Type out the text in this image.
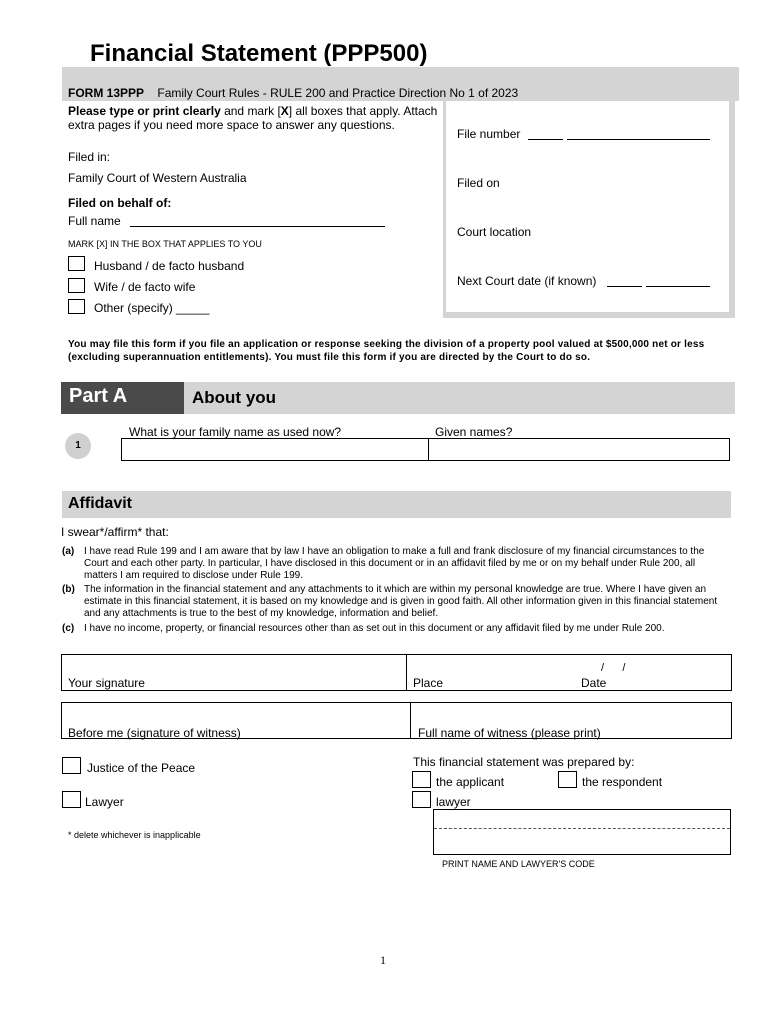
Financial Statement (PPP500)
FORM 13PPP Family Court Rules - RULE 200 and Practice Direction No 1 of 2023
Please type or print clearly and mark [X] all boxes that apply. Attach extra pages if you need more space to answer any questions.
Filed in:
Family Court of Western Australia
Filed on behalf of:
Full name
MARK [X] IN THE BOX THAT APPLIES TO YOU
Husband / de facto husband
Wife / de facto wife
Other (specify) _____
File number
Filed on
Court location
Next Court date (if known)
You may file this form if you file an application or response seeking the division of a property pool valued at $500,000 net or less (excluding superannuation entitlements). You must file this form if you are directed by the Court to do so.
Part A	About you
1
What is your family name as used now?	Given names?
Affidavit
I swear*/affirm* that:
(a) I have read Rule 199 and I am aware that by law I have an obligation to make a full and frank disclosure of my financial circumstances to the Court and each other party. In particular, I have disclosed in this document or in an affidavit filed by me or on my behalf under Rule 200, all matters I am required to disclose under Rule 199.
(b) The information in the financial statement and any attachments to it which are within my personal knowledge are true. Where I have given an estimate in this financial statement, it is based on my knowledge and is given in good faith. All other information given in this financial statement and any attachments is true to the best of my knowledge, information and belief.
(c) I have no income, property, or financial resources other than as set out in this document or any affidavit filed by me under Rule 200.
Your signature	Place
/      /
Date
Before me (signature of witness)	Full name of witness (please print)
Justice of the Peace
Lawyer
This financial statement was prepared by:
the applicant	the respondent
lawyer
* delete whichever is inapplicable
PRINT NAME AND LAWYER'S CODE
1
